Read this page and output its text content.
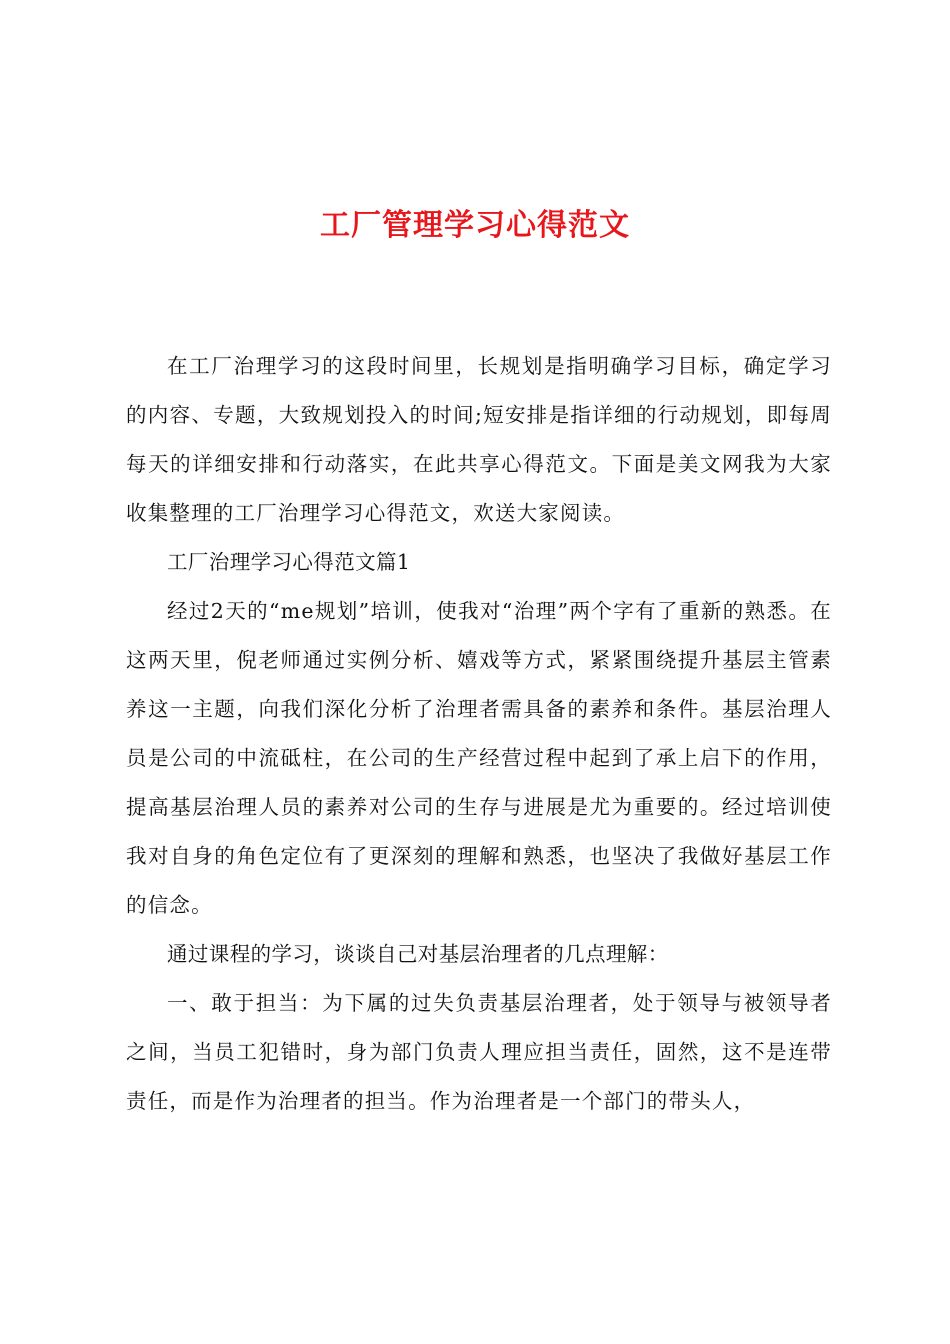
工厂管理学习心得范文

在工厂治理学习的这段时间里，长规划是指明确学习目标，确定学习的内容、专题，大致规划投入的时间;短安排是指详细的行动规划，即每周每天的详细安排和行动落实，在此共享心得范文。下面是美文网我为大家收集整理的工厂治理学习心得范文，欢送大家阅读。

工厂治理学习心得范文篇1

经过2天的“me规划”培训，使我对“治理”两个字有了重新的熟悉。在这两天里，倪老师通过实例分析、嬉戏等方式，紧紧围绕提升基层主管素养这一主题，向我们深化分析了治理者需具备的素养和条件。基层治理人员是公司的中流砥柱，在公司的生产经营过程中起到了承上启下的作用，提高基层治理人员的素养对公司的生存与进展是尤为重要的。经过培训使我对自身的角色定位有了更深刻的理解和熟悉，也坚决了我做好基层工作的信念。

通过课程的学习，谈谈自己对基层治理者的几点理解：

一、敢于担当：为下属的过失负责基层治理者，处于领导与被领导者之间，当员工犯错时，身为部门负责人理应担当责任，固然，这不是连带责任，而是作为治理者的担当。作为治理者是一个部门的带头人，
